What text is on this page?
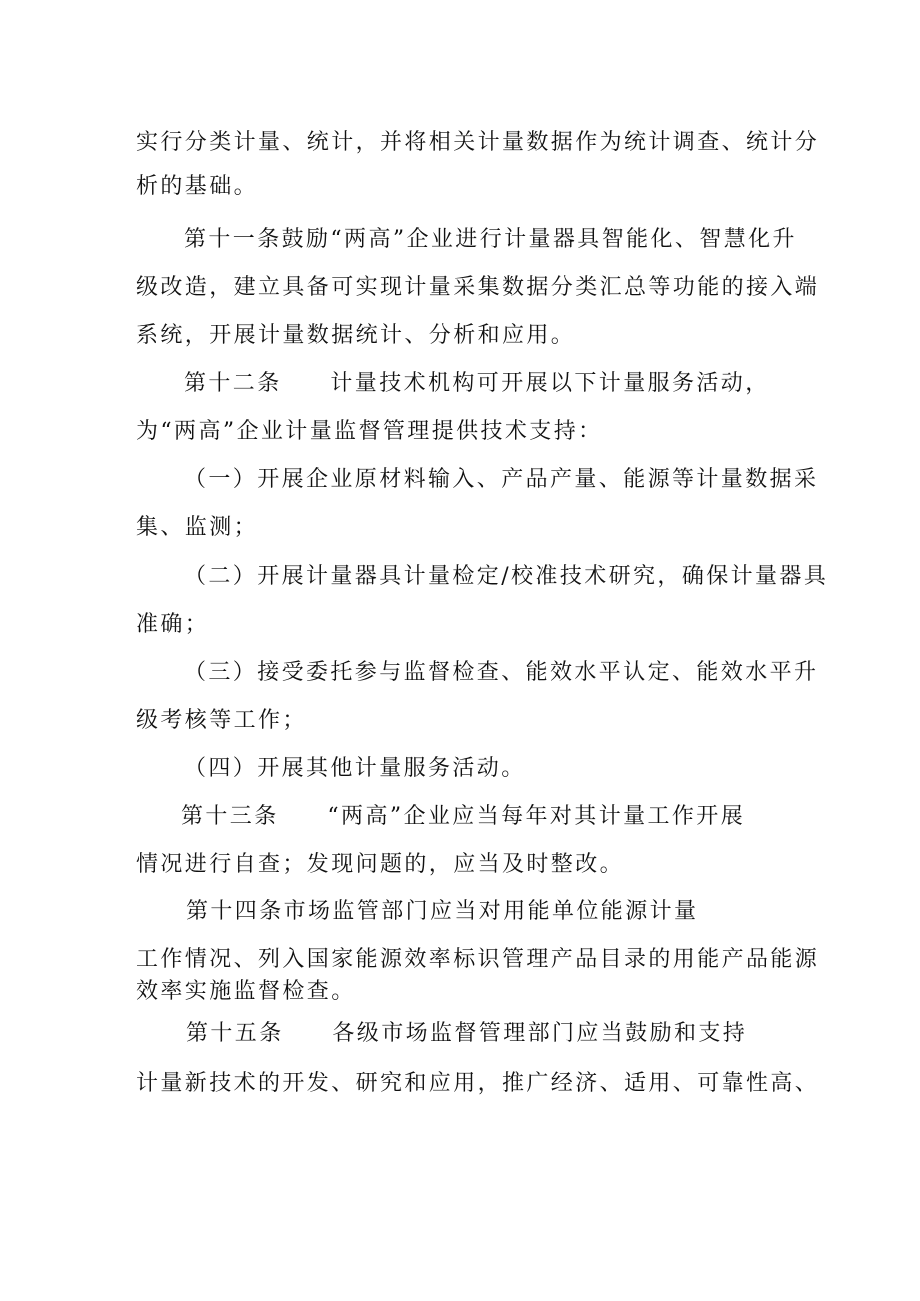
实行分类计量、统计，并将相关计量数据作为统计调查、统计分

析的基础。

第十一条鼓励“两高”企业进行计量器具智能化、智慧化升

级改造，建立具备可实现计量采集数据分类汇总等功能的接入端

系统，开展计量数据统计、分析和应用。

第十二条　　计量技术机构可开展以下计量服务活动，

为“两高”企业计量监督管理提供技术支持：

（一）开展企业原材料输入、产品产量、能源等计量数据采

集、监测；

（二）开展计量器具计量检定/校准技术研究，确保计量器具

准确；

（三）接受委托参与监督检查、能效水平认定、能效水平升

级考核等工作；

（四）开展其他计量服务活动。

第十三条　　“两高”企业应当每年对其计量工作开展

情况进行自查；发现问题的，应当及时整改。

第十四条市场监管部门应当对用能单位能源计量

工作情况、列入国家能源效率标识管理产品目录的用能产品能源

效率实施监督检查。

第十五条　　各级市场监督管理部门应当鼓励和支持

计量新技术的开发、研究和应用，推广经济、适用、可靠性高、
